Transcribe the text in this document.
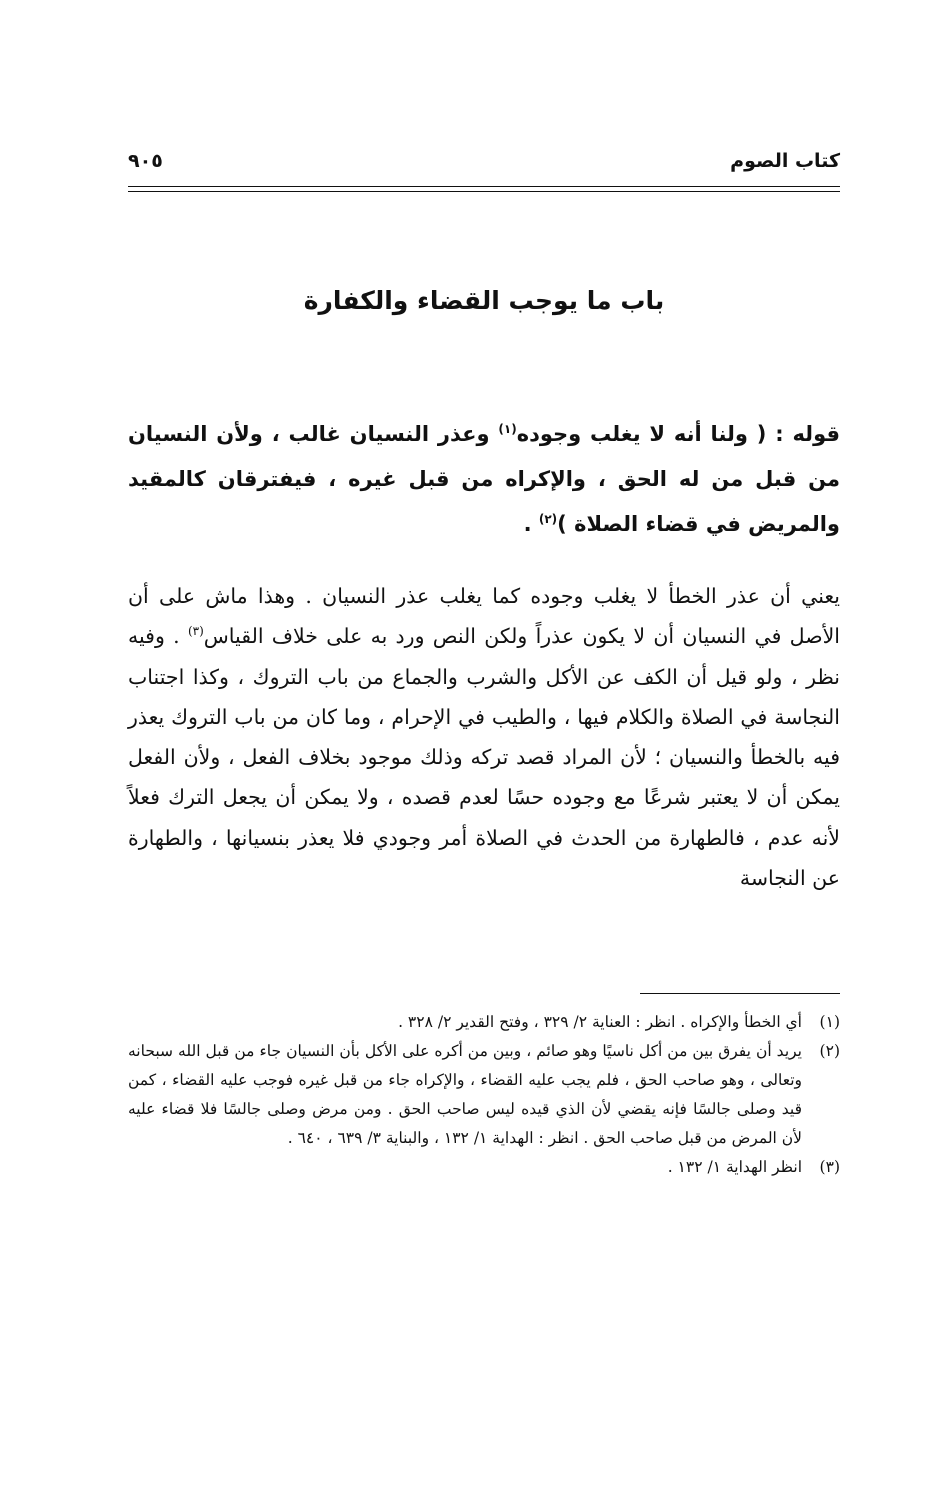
كتاب الصوم
٩٠٥
باب ما يوجب القضاء والكفارة
قوله : ( ولنا أنه لا يغلب وجوده$^{(١)}$ وعذر النسيان غالب ، ولأن النسيان من قبل من له الحق ، والإكراه من قبل غيره ، فيفترقان كالمقيد والمريض في قضاء الصلاة )$^{(٢)}$ .
يعني أن عذر الخطأ لا يغلب وجوده كما يغلب عذر النسيان . وهذا ماش على أن الأصل في النسيان أن لا يكون عذراً ولكن النص ورد به على خلاف القياس$^{(٣)}$ . وفيه نظر ، ولو قيل أن الكف عن الأكل والشرب والجماع من باب التروك ، وكذا اجتناب النجاسة في الصلاة والكلام فيها ، والطيب في الإحرام ، وما كان من باب التروك يعذر فيه بالخطأ والنسيان ؛ لأن المراد قصد تركه وذلك موجود بخلاف الفعل ، ولأن الفعل يمكن أن لا يعتبر شرعًا مع وجوده حسًا لعدم قصده ، ولا يمكن أن يجعل الترك فعلاً لأنه عدم ، فالطهارة من الحدث في الصلاة أمر وجودي فلا يعذر بنسيانها ، والطهارة عن النجاسة
(١)
أي الخطأ والإكراه . انظر : العناية ٢/ ٣٢٩ ، وفتح القدير ٢/ ٣٢٨ .
(٢)
يريد أن يفرق بين من أكل ناسيًا وهو صائم ، وبين من أكره على الأكل بأن النسيان جاء من قبل الله سبحانه وتعالى ، وهو صاحب الحق ، فلم يجب عليه القضاء ، والإكراه جاء من قبل غيره فوجب عليه القضاء ، كمن قيد وصلى جالسًا فإنه يقضي لأن الذي قيده ليس صاحب الحق . ومن مرض وصلى جالسًا فلا قضاء عليه لأن المرض من قبل صاحب الحق . انظر : الهداية ١/ ١٣٢ ، والبناية ٣/ ٦٣٩ ، ٦٤٠ .
(٣)
انظر الهداية ١/ ١٣٢ .
